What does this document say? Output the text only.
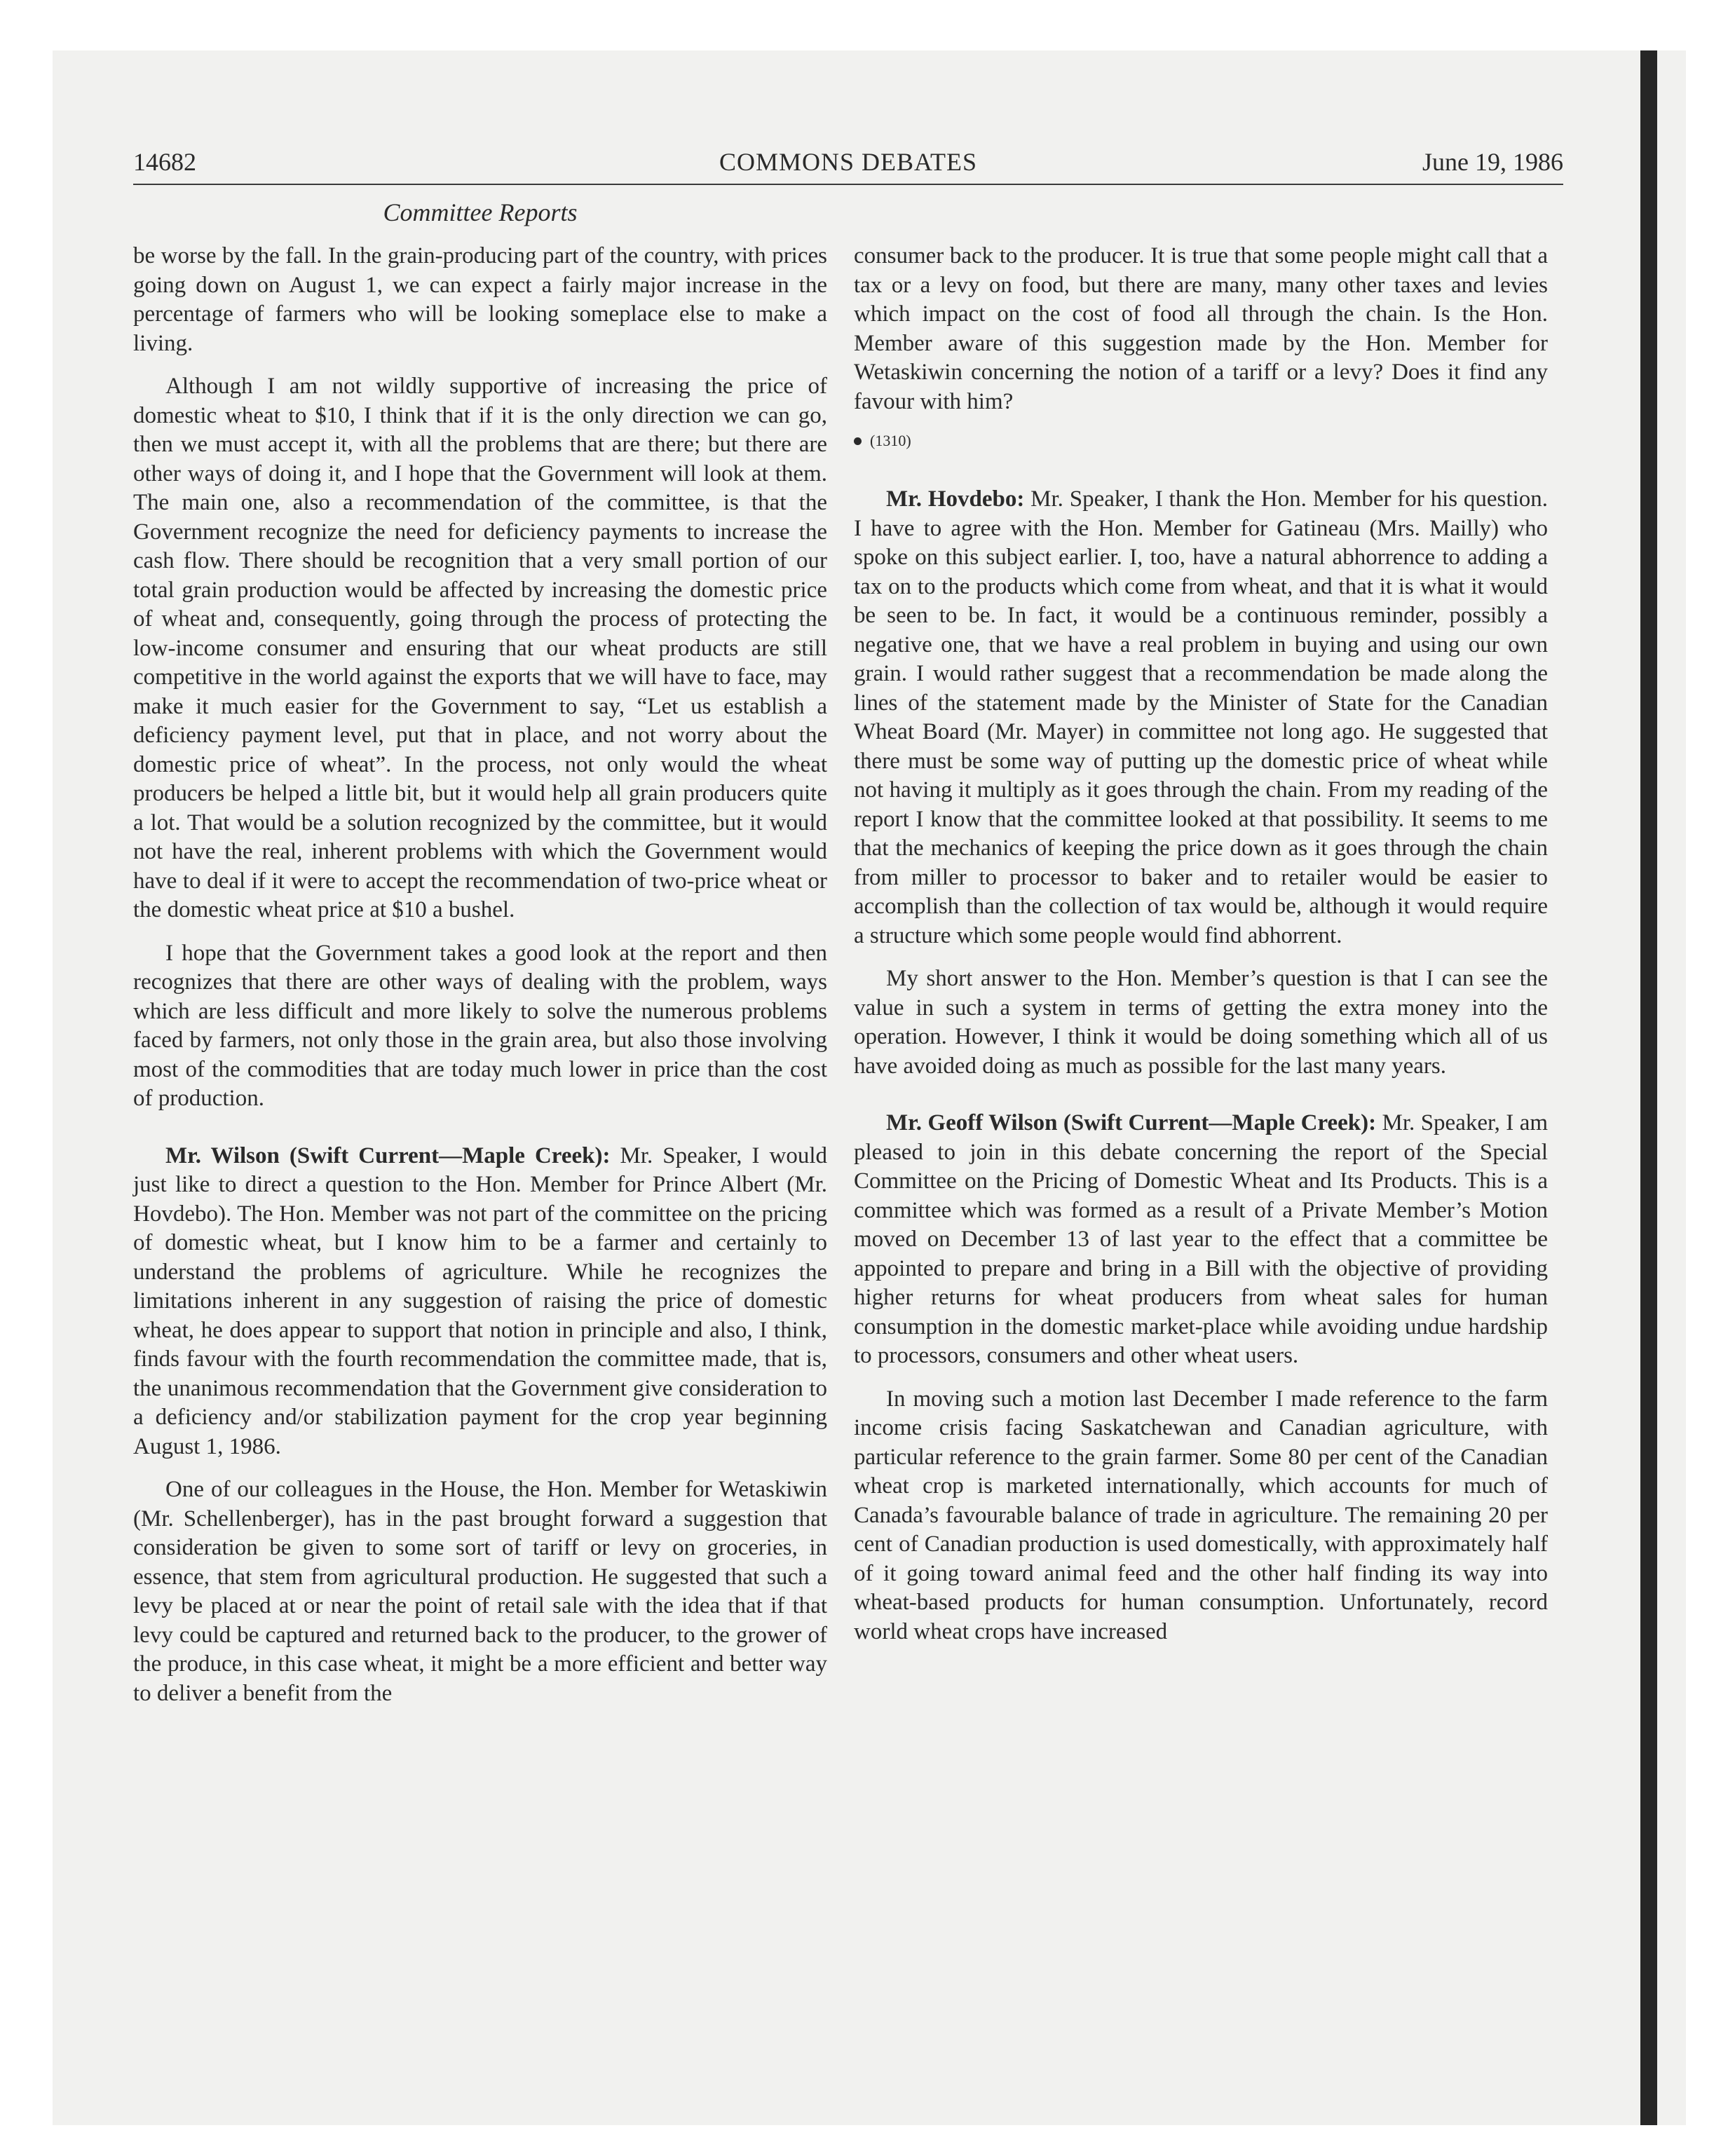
14682	COMMONS DEBATES	June 19, 1986
Committee Reports

be worse by the fall. In the grain-producing part of the country, with prices going down on August 1, we can expect a fairly major increase in the percentage of farmers who will be looking someplace else to make a living.

Although I am not wildly supportive of increasing the price of domestic wheat to $10, I think that if it is the only direction we can go, then we must accept it, with all the problems that are there; but there are other ways of doing it, and I hope that the Government will look at them. The main one, also a recommendation of the committee, is that the Government recognize the need for deficiency payments to increase the cash flow. There should be recognition that a very small portion of our total grain production would be affected by increasing the domestic price of wheat and, consequently, going through the process of protecting the low-income consumer and ensuring that our wheat products are still competitive in the world against the exports that we will have to face, may make it much easier for the Government to say, “Let us establish a deficiency payment level, put that in place, and not worry about the domestic price of wheat”. In the process, not only would the wheat producers be helped a little bit, but it would help all grain producers quite a lot. That would be a solution recognized by the committee, but it would not have the real, inherent problems with which the Government would have to deal if it were to accept the recommendation of two-price wheat or the domestic wheat price at $10 a bushel.

I hope that the Government takes a good look at the report and then recognizes that there are other ways of dealing with the problem, ways which are less difficult and more likely to solve the numerous problems faced by farmers, not only those in the grain area, but also those involving most of the commodities that are today much lower in price than the cost of production.

Mr. Wilson (Swift Current—Maple Creek): Mr. Speaker, I would just like to direct a question to the Hon. Member for Prince Albert (Mr. Hovdebo). The Hon. Member was not part of the committee on the pricing of domestic wheat, but I know him to be a farmer and certainly to understand the problems of agriculture. While he recognizes the limitations inherent in any suggestion of raising the price of domestic wheat, he does appear to support that notion in principle and also, I think, finds favour with the fourth recommendation the committee made, that is, the unanimous recommendation that the Government give consideration to a deficiency and/or stabilization payment for the crop year beginning August 1, 1986.

One of our colleagues in the House, the Hon. Member for Wetaskiwin (Mr. Schellenberger), has in the past brought forward a suggestion that consideration be given to some sort of tariff or levy on groceries, in essence, that stem from agricultural production. He suggested that such a levy be placed at or near the point of retail sale with the idea that if that levy could be captured and returned back to the producer, to the grower of the produce, in this case wheat, it might be a more efficient and better way to deliver a benefit from the

consumer back to the producer. It is true that some people might call that a tax or a levy on food, but there are many, many other taxes and levies which impact on the cost of food all through the chain. Is the Hon. Member aware of this suggestion made by the Hon. Member for Wetaskiwin concerning the notion of a tariff or a levy? Does it find any favour with him?

(1310)

Mr. Hovdebo: Mr. Speaker, I thank the Hon. Member for his question. I have to agree with the Hon. Member for Gatineau (Mrs. Mailly) who spoke on this subject earlier. I, too, have a natural abhorrence to adding a tax on to the products which come from wheat, and that it is what it would be seen to be. In fact, it would be a continuous reminder, possibly a negative one, that we have a real problem in buying and using our own grain. I would rather suggest that a recommendation be made along the lines of the statement made by the Minister of State for the Canadian Wheat Board (Mr. Mayer) in committee not long ago. He suggested that there must be some way of putting up the domestic price of wheat while not having it multiply as it goes through the chain. From my reading of the report I know that the committee looked at that possibility. It seems to me that the mechanics of keeping the price down as it goes through the chain from miller to processor to baker and to retailer would be easier to accomplish than the collection of tax would be, although it would require a structure which some people would find abhorrent.

My short answer to the Hon. Member’s question is that I can see the value in such a system in terms of getting the extra money into the operation. However, I think it would be doing something which all of us have avoided doing as much as possible for the last many years.

Mr. Geoff Wilson (Swift Current—Maple Creek): Mr. Speaker, I am pleased to join in this debate concerning the report of the Special Committee on the Pricing of Domestic Wheat and Its Products. This is a committee which was formed as a result of a Private Member’s Motion moved on December 13 of last year to the effect that a committee be appointed to prepare and bring in a Bill with the objective of providing higher returns for wheat producers from wheat sales for human consumption in the domestic market-place while avoiding undue hardship to processors, consumers and other wheat users.

In moving such a motion last December I made reference to the farm income crisis facing Saskatchewan and Canadian agriculture, with particular reference to the grain farmer. Some 80 per cent of the Canadian wheat crop is marketed internationally, which accounts for much of Canada’s favourable balance of trade in agriculture. The remaining 20 per cent of Canadian production is used domestically, with approximately half of it going toward animal feed and the other half finding its way into wheat-based products for human consumption. Unfortunately, record world wheat crops have increased
